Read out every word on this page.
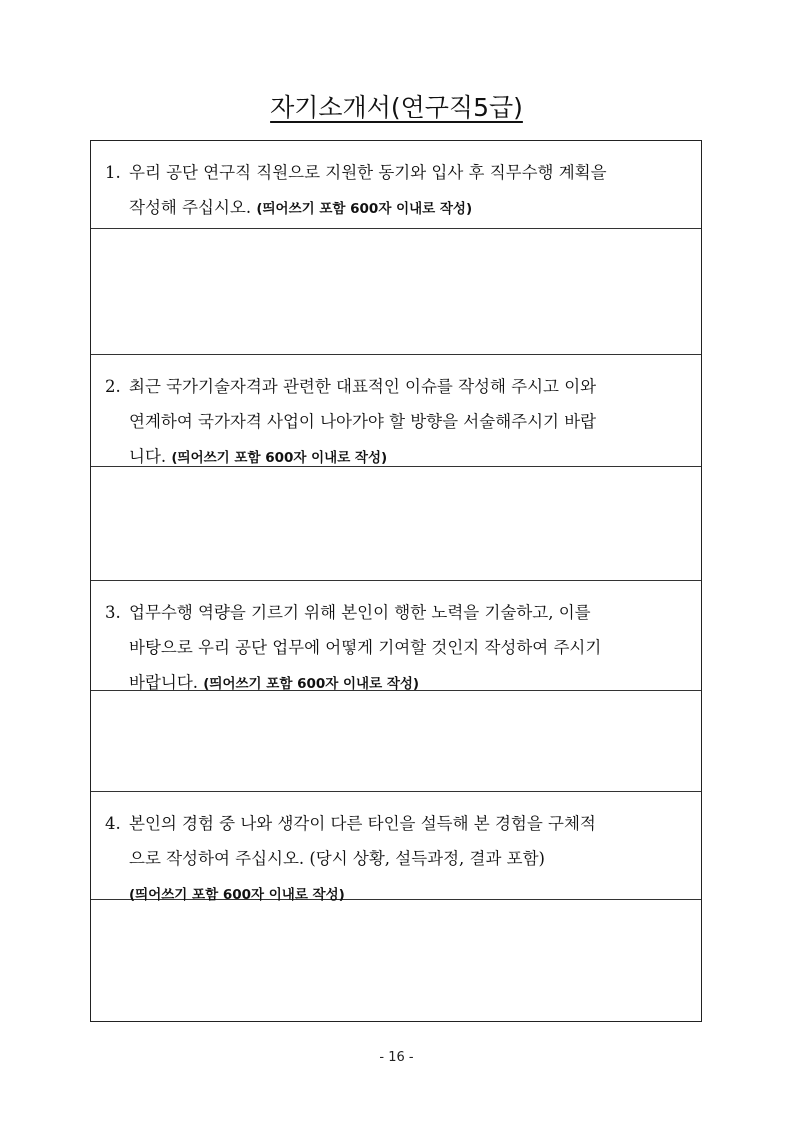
자기소개서(연구직5급)
1. 우리 공단 연구직 직원으로 지원한 동기와 입사 후 직무수행 계획을
작성해 주십시오. (띄어쓰기 포함 600자 이내로 작성)
2. 최근 국가기술자격과 관련한 대표적인 이슈를 작성해 주시고 이와
연계하여 국가자격 사업이 나아가야 할 방향을 서술해주시기 바랍
니다. (띄어쓰기 포함 600자 이내로 작성)
3. 업무수행 역량을 기르기 위해 본인이 행한 노력을 기술하고, 이를
바탕으로 우리 공단 업무에 어떻게 기여할 것인지 작성하여 주시기
바랍니다. (띄어쓰기 포함 600자 이내로 작성)
4. 본인의 경험 중 나와 생각이 다른 타인을 설득해 본 경험을 구체적
으로 작성하여 주십시오. (당시 상황, 설득과정, 결과 포함)
(띄어쓰기 포함 600자 이내로 작성)
- 16 -
